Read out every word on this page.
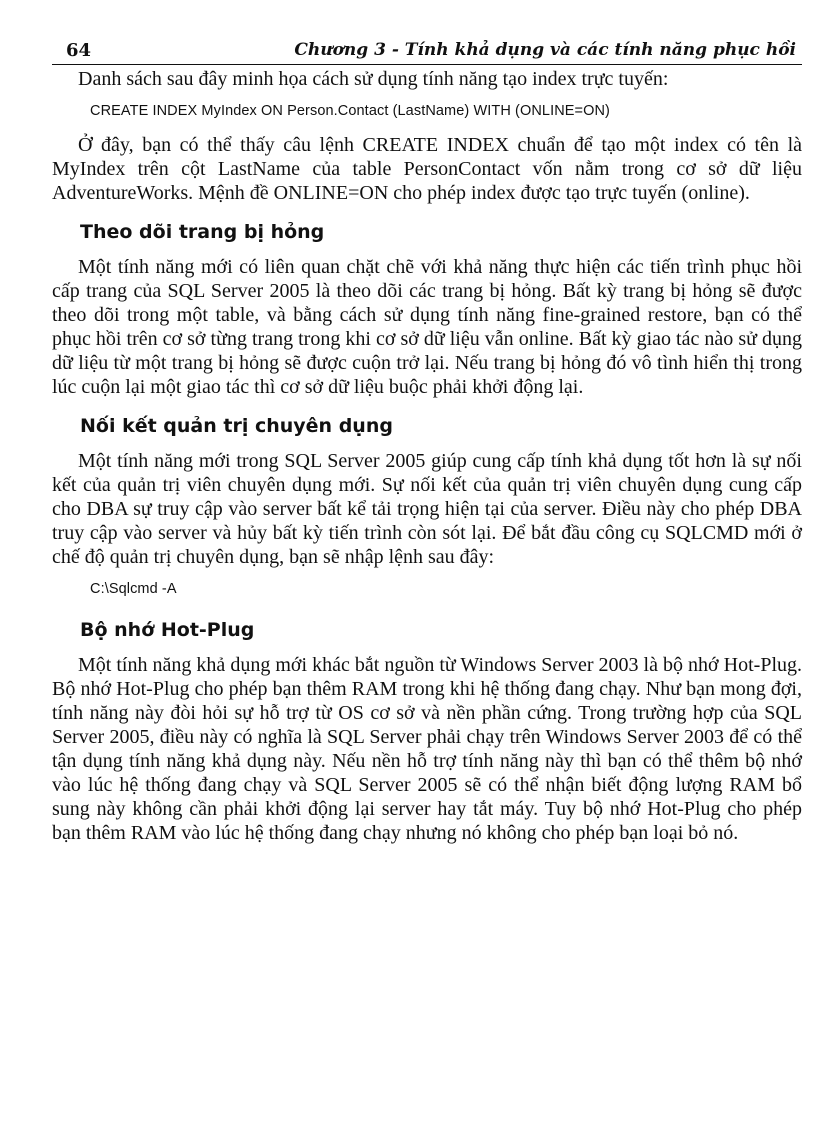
64	Chương 3 - Tính khả dụng và các tính năng phục hồi

Danh sách sau đây minh họa cách sử dụng tính năng tạo index trực tuyến:

CREATE INDEX MyIndex ON Person.Contact (LastName) WITH (ONLINE=ON)

Ở đây, bạn có thể thấy câu lệnh CREATE INDEX chuẩn để tạo một index có tên là MyIndex trên cột LastName của table PersonContact vốn nằm trong cơ sở dữ liệu AdventureWorks. Mệnh đề ONLINE=ON cho phép index được tạo trực tuyến (online).

Theo dõi trang bị hỏng

Một tính năng mới có liên quan chặt chẽ với khả năng thực hiện các tiến trình phục hồi cấp trang của SQL Server 2005 là theo dõi các trang bị hỏng. Bất kỳ trang bị hỏng sẽ được theo dõi trong một table, và bằng cách sử dụng tính năng fine-grained restore, bạn có thể phục hồi trên cơ sở từng trang trong khi cơ sở dữ liệu vẫn online. Bất kỳ giao tác nào sử dụng dữ liệu từ một trang bị hỏng sẽ được cuộn trở lại. Nếu trang bị hỏng đó vô tình hiển thị trong lúc cuộn lại một giao tác thì cơ sở dữ liệu buộc phải khởi động lại.

Nối kết quản trị chuyên dụng

Một tính năng mới trong SQL Server 2005 giúp cung cấp tính khả dụng tốt hơn là sự nối kết của quản trị viên chuyên dụng mới. Sự nối kết của quản trị viên chuyên dụng cung cấp cho DBA sự truy cập vào server bất kể tải trọng hiện tại của server. Điều này cho phép DBA truy cập vào server và hủy bất kỳ tiến trình còn sót lại. Để bắt đầu công cụ SQLCMD mới ở chế độ quản trị chuyên dụng, bạn sẽ nhập lệnh sau đây:

C:\Sqlcmd -A

Bộ nhớ Hot-Plug

Một tính năng khả dụng mới khác bắt nguồn từ Windows Server 2003 là bộ nhớ Hot-Plug. Bộ nhớ Hot-Plug cho phép bạn thêm RAM trong khi hệ thống đang chạy. Như bạn mong đợi, tính năng này đòi hỏi sự hỗ trợ từ OS cơ sở và nền phần cứng. Trong trường hợp của SQL Server 2005, điều này có nghĩa là SQL Server phải chạy trên Windows Server 2003 để có thể tận dụng tính năng khả dụng này. Nếu nền hỗ trợ tính năng này thì bạn có thể thêm bộ nhớ vào lúc hệ thống đang chạy và SQL Server 2005 sẽ có thể nhận biết động lượng RAM bổ sung này không cần phải khởi động lại server hay tắt máy. Tuy bộ nhớ Hot-Plug cho phép bạn thêm RAM vào lúc hệ thống đang chạy nhưng nó không cho phép bạn loại bỏ nó.
